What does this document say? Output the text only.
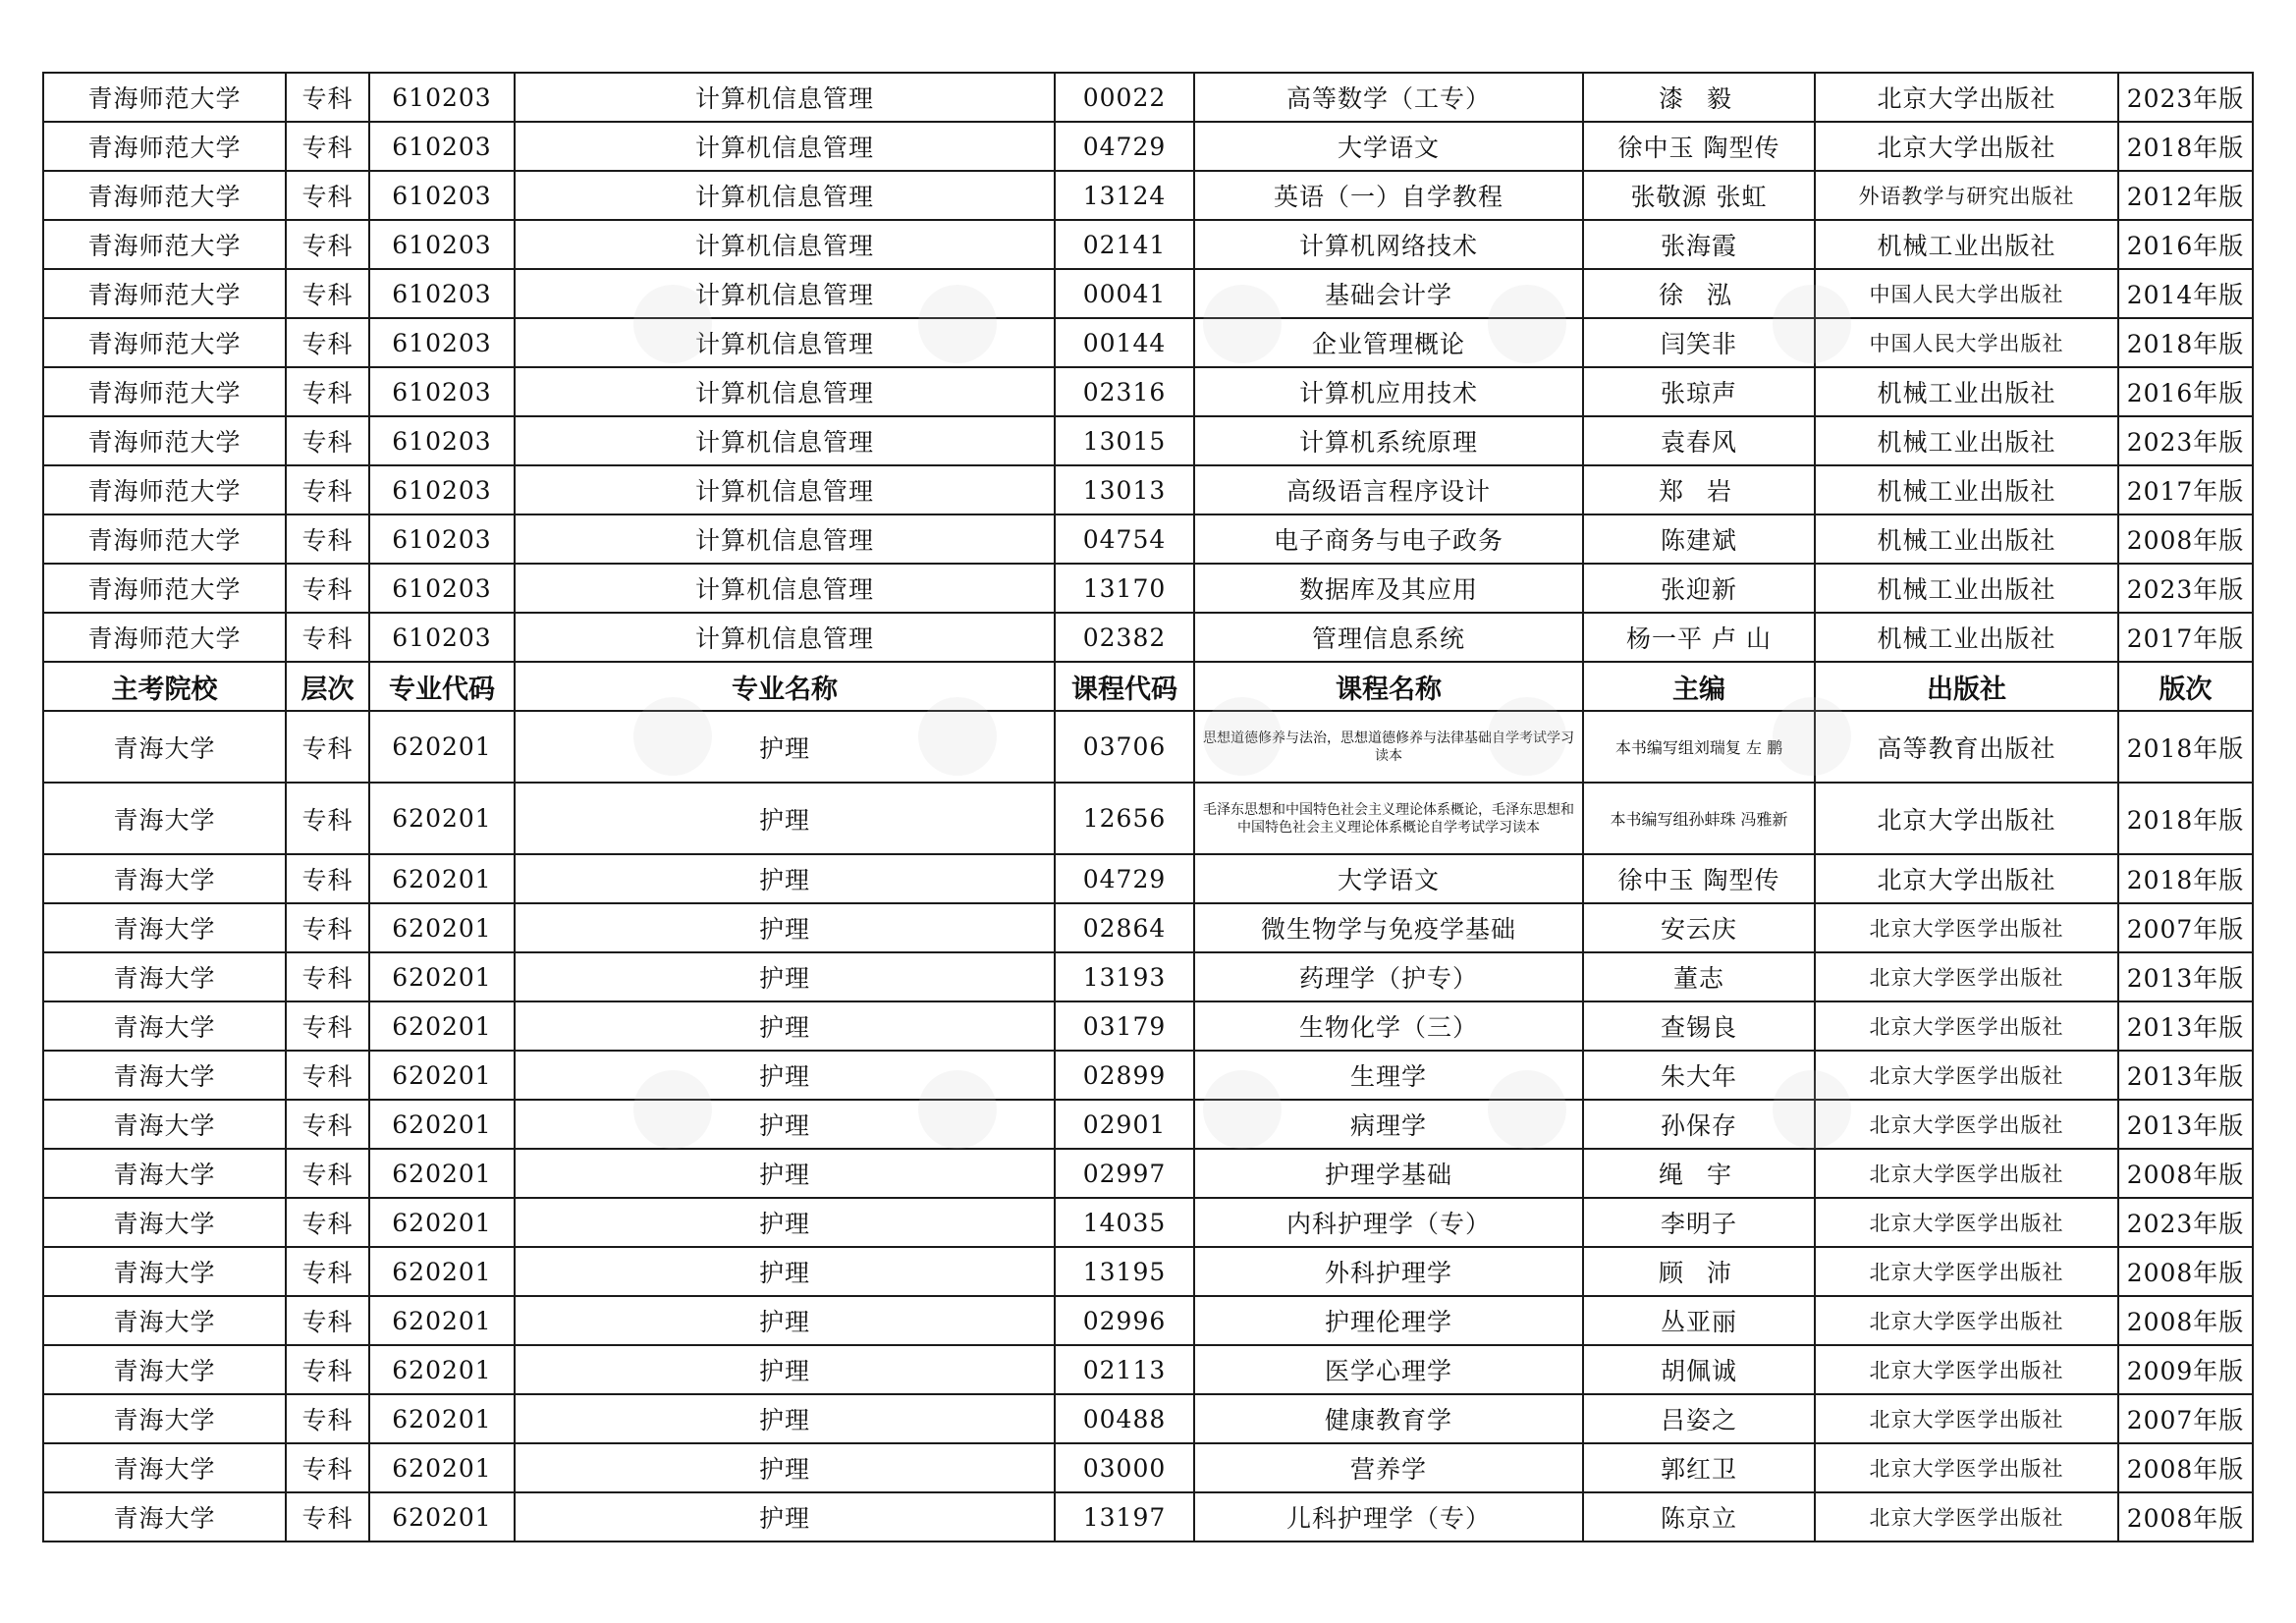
青海师范大学	专科	610203	计算机信息管理	00022	高等数学（工专）	漆 毅	北京大学出版社	2023年版
青海师范大学	专科	610203	计算机信息管理	04729	大学语文	徐中玉 陶型传	北京大学出版社	2018年版
青海师范大学	专科	610203	计算机信息管理	13124	英语（一）自学教程	张敬源 张虹	外语教学与研究出版社	2012年版
青海师范大学	专科	610203	计算机信息管理	02141	计算机网络技术	张海霞	机械工业出版社	2016年版
青海师范大学	专科	610203	计算机信息管理	00041	基础会计学	徐 泓	中国人民大学出版社	2014年版
青海师范大学	专科	610203	计算机信息管理	00144	企业管理概论	闫笑非	中国人民大学出版社	2018年版
青海师范大学	专科	610203	计算机信息管理	02316	计算机应用技术	张琼声	机械工业出版社	2016年版
青海师范大学	专科	610203	计算机信息管理	13015	计算机系统原理	袁春风	机械工业出版社	2023年版
青海师范大学	专科	610203	计算机信息管理	13013	高级语言程序设计	郑 岩	机械工业出版社	2017年版
青海师范大学	专科	610203	计算机信息管理	04754	电子商务与电子政务	陈建斌	机械工业出版社	2008年版
青海师范大学	专科	610203	计算机信息管理	13170	数据库及其应用	张迎新	机械工业出版社	2023年版
青海师范大学	专科	610203	计算机信息管理	02382	管理信息系统	杨一平 卢 山	机械工业出版社	2017年版
主考院校	层次	专业代码	专业名称	课程代码	课程名称	主编	出版社	版次
青海大学	专科	620201	护理	03706	思想道德修养与法治，思想道德修养与法律基础自学考试学习读本	本书编写组刘瑞复 左 鹏	高等教育出版社	2018年版
青海大学	专科	620201	护理	12656	毛泽东思想和中国特色社会主义理论体系概论，毛泽东思想和中国特色社会主义理论体系概论自学考试学习读本	本书编写组孙蚌珠 冯雅新	北京大学出版社	2018年版
青海大学	专科	620201	护理	04729	大学语文	徐中玉 陶型传	北京大学出版社	2018年版
青海大学	专科	620201	护理	02864	微生物学与免疫学基础	安云庆	北京大学医学出版社	2007年版
青海大学	专科	620201	护理	13193	药理学（护专）	董志	北京大学医学出版社	2013年版
青海大学	专科	620201	护理	03179	生物化学（三）	查锡良	北京大学医学出版社	2013年版
青海大学	专科	620201	护理	02899	生理学	朱大年	北京大学医学出版社	2013年版
青海大学	专科	620201	护理	02901	病理学	孙保存	北京大学医学出版社	2013年版
青海大学	专科	620201	护理	02997	护理学基础	绳 宇	北京大学医学出版社	2008年版
青海大学	专科	620201	护理	14035	内科护理学（专）	李明子	北京大学医学出版社	2023年版
青海大学	专科	620201	护理	13195	外科护理学	顾 沛	北京大学医学出版社	2008年版
青海大学	专科	620201	护理	02996	护理伦理学	丛亚丽	北京大学医学出版社	2008年版
青海大学	专科	620201	护理	02113	医学心理学	胡佩诚	北京大学医学出版社	2009年版
青海大学	专科	620201	护理	00488	健康教育学	吕姿之	北京大学医学出版社	2007年版
青海大学	专科	620201	护理	03000	营养学	郭红卫	北京大学医学出版社	2008年版
青海大学	专科	620201	护理	13197	儿科护理学（专）	陈京立	北京大学医学出版社	2008年版
